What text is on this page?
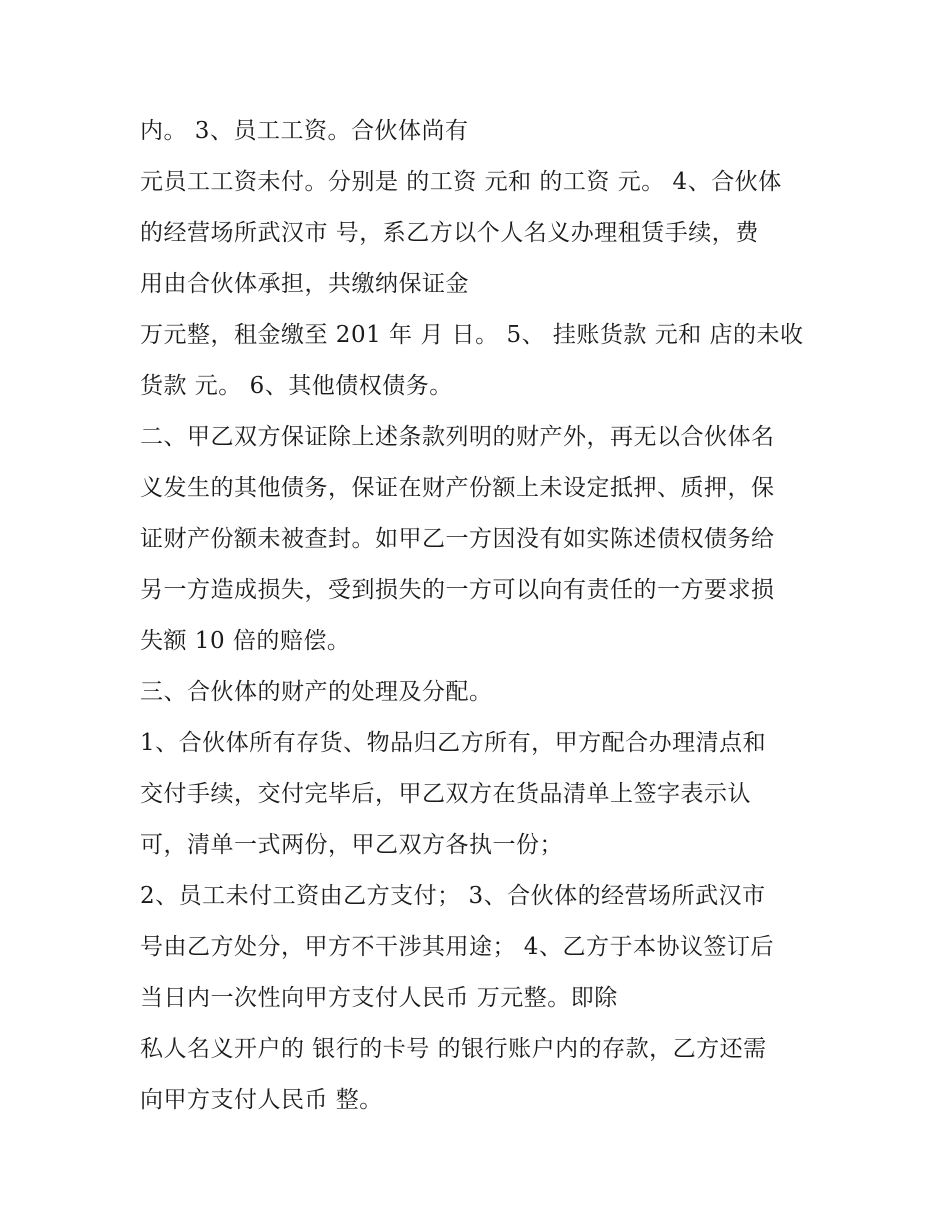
内。 3、员工工资。合伙体尚有
元员工工资未付。分别是 的工资 元和 的工资 元。 4、合伙体
的经营场所武汉市 号，系乙方以个人名义办理租赁手续，费
用由合伙体承担，共缴纳保证金
万元整，租金缴至 201 年 月 日。 5、 挂账货款 元和 店的未收
货款 元。 6、其他债权债务。
二、甲乙双方保证除上述条款列明的财产外，再无以合伙体名
义发生的其他债务，保证在财产份额上未设定抵押、质押，保
证财产份额未被查封。如甲乙一方因没有如实陈述债权债务给
另一方造成损失，受到损失的一方可以向有责任的一方要求损
失额 10 倍的赔偿。
三、合伙体的财产的处理及分配。
1、合伙体所有存货、物品归乙方所有，甲方配合办理清点和
交付手续，交付完毕后，甲乙双方在货品清单上签字表示认
可，清单一式两份，甲乙双方各执一份；
2、员工未付工资由乙方支付； 3、合伙体的经营场所武汉市
号由乙方处分，甲方不干涉其用途； 4、乙方于本协议签订后
当日内一次性向甲方支付人民币 万元整。即除
私人名义开户的 银行的卡号 的银行账户内的存款，乙方还需
向甲方支付人民币 整。
